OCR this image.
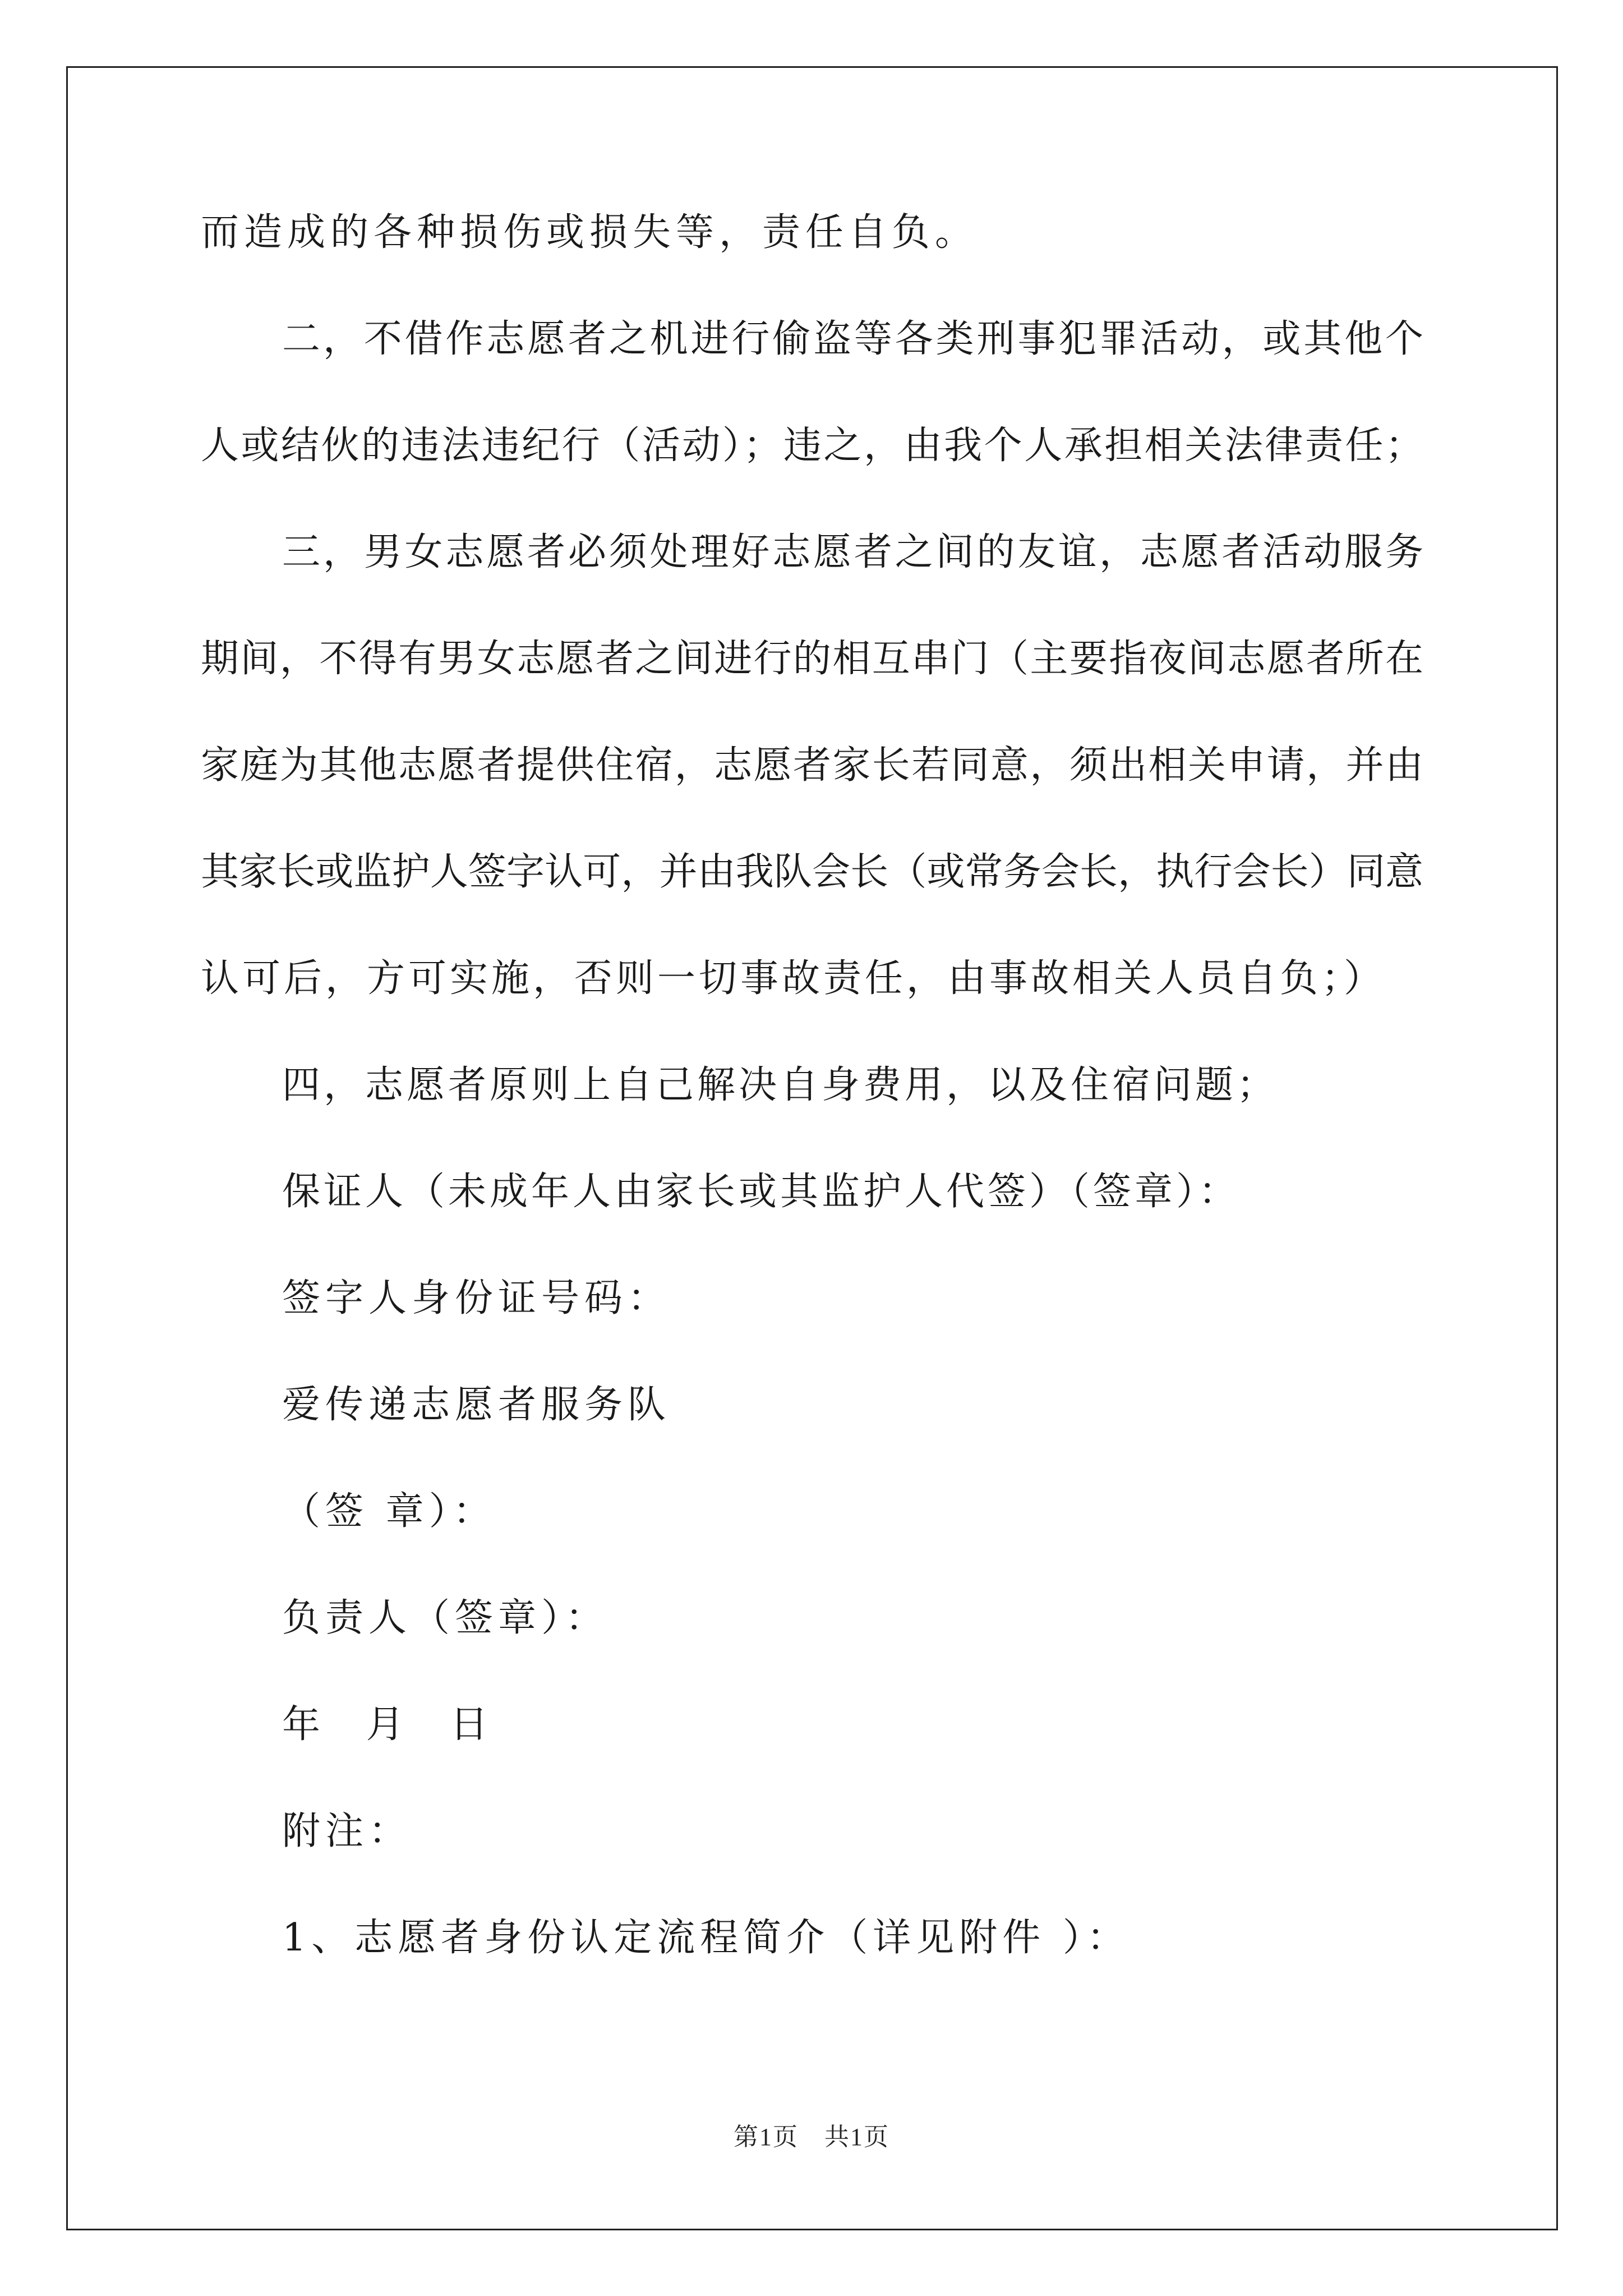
而造成的各种损伤或损失等，责任自负。
二，不借作志愿者之机进行偷盗等各类刑事犯罪活动，或其他个
人或结伙的违法违纪行（活动）；违之，由我个人承担相关法律责任；
三，男女志愿者必须处理好志愿者之间的友谊，志愿者活动服务
期间，不得有男女志愿者之间进行的相互串门（主要指夜间志愿者所在
家庭为其他志愿者提供住宿，志愿者家长若同意，须出相关申请，并由
其家长或监护人签字认可，并由我队会长（或常务会长，执行会长）同意
认可后，方可实施，否则一切事故责任，由事故相关人员自负；）
四，志愿者原则上自己解决自身费用，以及住宿问题；
保证人（未成年人由家长或其监护人代签）（签章）：
签字人身份证号码：
爱传递志愿者服务队
（签 章）：
负责人（签章）：
年 月 日
附注：
1、志愿者身份认定流程简介（详见附件 ）：
第1页　共1页
